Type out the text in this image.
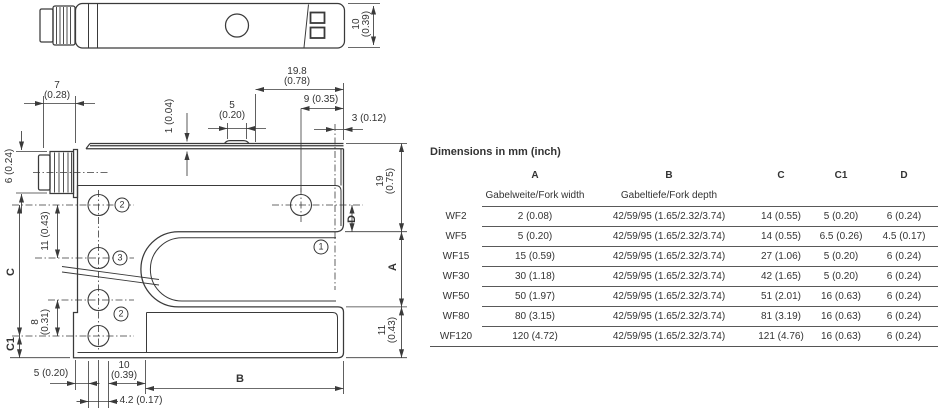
10 (0.39)
7
(0.28)
19.8
(0.78)
9 (0.35)
5
(0.20)	3 (0.12)
1 (0.04)
6 (0.24)
11 (0.43)
8 (0.31)
C
C1
5 (0.20)
10
(0.39)
4.2 (0.17)
B
19 (0.75)
D
A
11 (0.43)
1
2
3
2
Dimensions in mm (inch)
	A	B	C	C1	D
	Gabelweite/Fork width	Gabeltiefe/Fork depth			
WF2	2 (0.08)	42/59/95 (1.65/2.32/3.74)	14 (0.55)	5 (0.20)	6 (0.24)
WF5	5 (0.20)	42/59/95 (1.65/2.32/3.74)	14 (0.55)	6.5 (0.26)	4.5 (0.17)
WF15	15 (0.59)	42/59/95 (1.65/2.32/3.74)	27 (1.06)	5 (0.20)	6 (0.24)
WF30	30 (1.18)	42/59/95 (1.65/2.32/3.74)	42 (1.65)	5 (0.20)	6 (0.24)
WF50	50 (1.97)	42/59/95 (1.65/2.32/3.74)	51 (2.01)	16 (0.63)	6 (0.24)
WF80	80 (3.15)	42/59/95 (1.65/2.32/3.74)	81 (3.19)	16 (0.63)	6 (0.24)
WF120	120 (4.72)	42/59/95 (1.65/2.32/3.74)	121 (4.76)	16 (0.63)	6 (0.24)
